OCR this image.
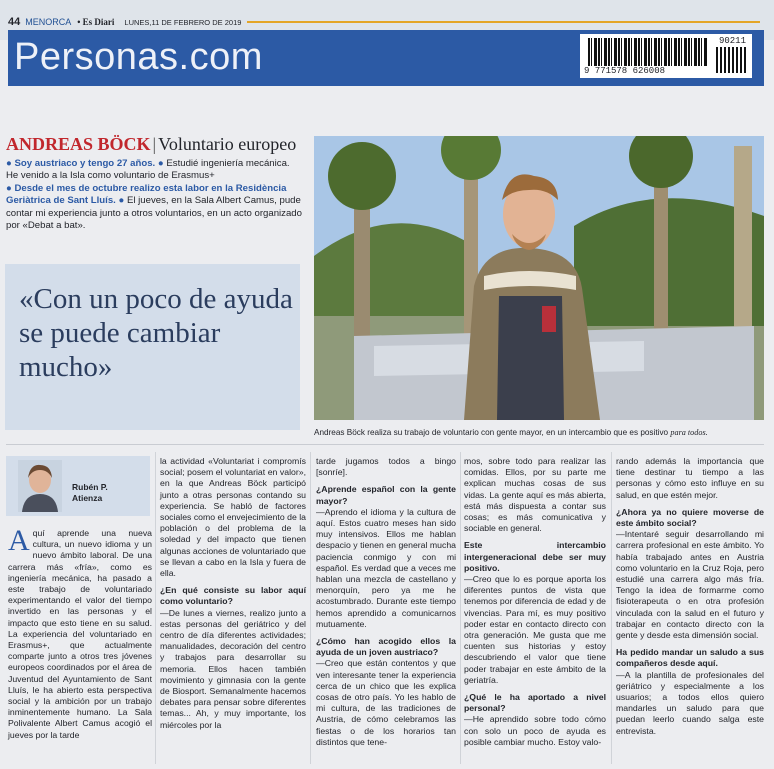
44 MENORCA • Es Diari LUNES,11 DE FEBRERO DE 2019
Personas.com	9 771578 626008
90211
ANDREAS BÖCK | Voluntario europeo
● Soy austriaco y tengo 27 años. ● Estudié ingeniería mecánica. He venido a la Isla como voluntario de Erasmus+
● Desde el mes de octubre realizo esta labor en la Residència Geriàtrica de Sant Lluís. ● El jueves, en la Sala Albert Camus, pude contar mi experiencia junto a otros voluntarios, en un acto organizado por «Debat a bat».
«Con un poco de ayuda se puede cambiar mucho»
Andreas Böck realiza su trabajo de voluntario con gente mayor, en un intercambio que es positivo para todos.
Rubén P.
Atienza

Aquí aprende una nueva cultura, un nuevo idioma y un nuevo ámbito laboral. De una carrera más «fría», como es ingeniería mecánica, ha pasado a este trabajo de voluntariado experimentando el valor del tiempo invertido en las personas y el impacto que esto tiene en su salud. La experiencia del voluntariado en Erasmus+, que actualmente comparte junto a otros tres jóvenes europeos coordinados por el área de Juventud del Ayuntamiento de Sant Lluís, le ha abierto esta perspectiva social y la ambición por un trabajo inminentemente humano. La Sala Polivalente Albert Camus acogió el jueves por la tarde

la actividad «Voluntariat i compromís social; posem el voluntariat en valor», en la que Andreas Böck participó junto a otras personas contando su experiencia. Se habló de factores sociales como el envejecimiento de la población o del problema de la soledad y del impacto que tienen algunas acciones de voluntariado que se llevan a cabo en la Isla y fuera de ella.

¿En qué consiste su labor aquí como voluntario?

—De lunes a viernes, realizo junto a estas personas del geriátrico y del centro de día diferentes actividades; manualidades, decoración del centro y trabajos para desarrollar su memoria. Ellos hacen también movimiento y gimnasia con la gente de Biosport. Semanalmente hacemos debates para pensar sobre diferentes temas... Ah, y muy importante, los miércoles por la

tarde jugamos todos a bingo [sonríe].

¿Aprende español con la gente mayor?

—Aprendo el idioma y la cultura de aquí. Estos cuatro meses han sido muy intensivos. Ellos me hablan despacio y tienen en general mucha paciencia conmigo y con mi español. Es verdad que a veces me hablan una mezcla de castellano y menorquín, pero ya me he acostumbrado. Durante este tiempo hemos aprendido a comunicarnos mutuamente.

¿Cómo han acogido ellos la ayuda de un joven austriaco?

—Creo que están contentos y que ven interesante tener la experiencia cerca de un chico que les explica cosas de otro país. Yo les hablo de mi cultura, de las tradiciones de Austria, de cómo celebramos las fiestas o de los horarios tan distintos que tene-

mos, sobre todo para realizar las comidas. Ellos, por su parte me explican muchas cosas de sus vidas. La gente aquí es más abierta, está más dispuesta a contar sus cosas; es más comunicativa y sociable en general.

Este intercambio intergeneracional debe ser muy positivo.

—Creo que lo es porque aporta los diferentes puntos de vista que tenemos por diferencia de edad y de vivencias. Para mí, es muy positivo poder estar en contacto directo con otra generación. Me gusta que me cuenten sus historias y estoy descubriendo el valor que tiene poder trabajar en este ámbito de la geriatría.

¿Qué le ha aportado a nivel personal?

—He aprendido sobre todo cómo con solo un poco de ayuda es posible cambiar mucho. Estoy valo-

rando además la importancia que tiene destinar tu tiempo a las personas y cómo esto influye en su salud, en que estén mejor.

¿Ahora ya no quiere moverse de este ámbito social?

—Intentaré seguir desarrollando mi carrera profesional en este ámbito. Yo había trabajado antes en Austria como voluntario en la Cruz Roja, pero estudié una carrera algo más fría. Tengo la idea de formarme como fisioterapeuta o en otra profesión vinculada con la salud en el futuro y trabajar en contacto directo con la gente y desde esta dimensión social.

Ha pedido mandar un saludo a sus compañeros desde aquí.

—A la plantilla de profesionales del geriátrico y especialmente a los usuarios; a todos ellos quiero mandarles un saludo para que puedan leerlo cuando salga este entrevista.
